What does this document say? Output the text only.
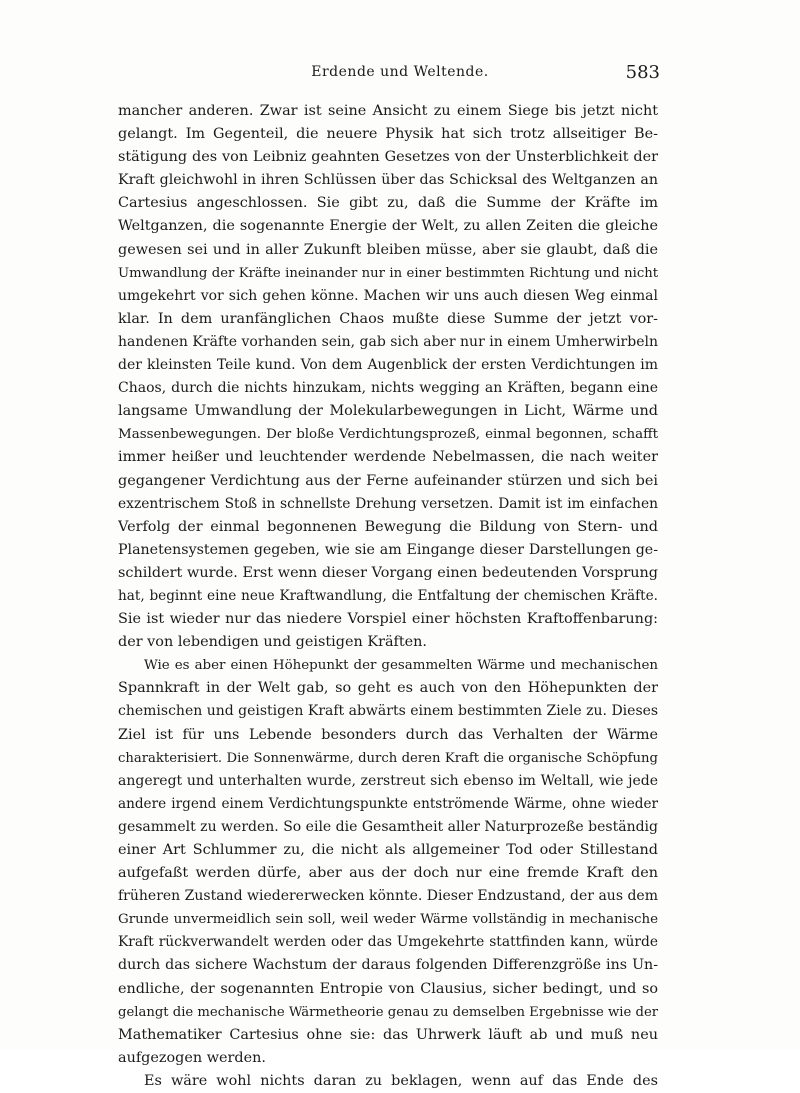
Erdende und Weltende.	583
mancher anderen. Zwar ist seine Ansicht zu einem Siege bis jetzt nicht
gelangt. Im Gegenteil, die neuere Physik hat sich trotz allseitiger Be-
stätigung des von Leibniz geahnten Gesetzes von der Unsterblichkeit der
Kraft gleichwohl in ihren Schlüssen über das Schicksal des Weltganzen an
Cartesius angeschlossen. Sie gibt zu, daß die Summe der Kräfte im
Weltganzen, die sogenannte Energie der Welt, zu allen Zeiten die gleiche
gewesen sei und in aller Zukunft bleiben müsse, aber sie glaubt, daß die
Umwandlung der Kräfte ineinander nur in einer bestimmten Richtung und nicht
umgekehrt vor sich gehen könne. Machen wir uns auch diesen Weg einmal
klar. In dem uranfänglichen Chaos mußte diese Summe der jetzt vor-
handenen Kräfte vorhanden sein, gab sich aber nur in einem Umherwirbeln
der kleinsten Teile kund. Von dem Augenblick der ersten Verdichtungen im
Chaos, durch die nichts hinzukam, nichts wegging an Kräften, begann eine
langsame Umwandlung der Molekularbewegungen in Licht, Wärme und
Massenbewegungen. Der bloße Verdichtungsprozeß, einmal begonnen, schafft
immer heißer und leuchtender werdende Nebelmassen, die nach weiter
gegangener Verdichtung aus der Ferne aufeinander stürzen und sich bei
exzentrischem Stoß in schnellste Drehung versetzen. Damit ist im einfachen
Verfolg der einmal begonnenen Bewegung die Bildung von Stern- und
Planetensystemen gegeben, wie sie am Eingange dieser Darstellungen ge-
schildert wurde. Erst wenn dieser Vorgang einen bedeutenden Vorsprung
hat, beginnt eine neue Kraftwandlung, die Entfaltung der chemischen Kräfte.
Sie ist wieder nur das niedere Vorspiel einer höchsten Kraftoffenbarung:
der von lebendigen und geistigen Kräften.
Wie es aber einen Höhepunkt der gesammelten Wärme und mechanischen
Spannkraft in der Welt gab, so geht es auch von den Höhepunkten der
chemischen und geistigen Kraft abwärts einem bestimmten Ziele zu. Dieses
Ziel ist für uns Lebende besonders durch das Verhalten der Wärme
charakterisiert. Die Sonnenwärme, durch deren Kraft die organische Schöpfung
angeregt und unterhalten wurde, zerstreut sich ebenso im Weltall, wie jede
andere irgend einem Verdichtungspunkte entströmende Wärme, ohne wieder
gesammelt zu werden. So eile die Gesamtheit aller Naturprozeße beständig
einer Art Schlummer zu, die nicht als allgemeiner Tod oder Stillestand
aufgefaßt werden dürfe, aber aus der doch nur eine fremde Kraft den
früheren Zustand wiedererwecken könnte. Dieser Endzustand, der aus dem
Grunde unvermeidlich sein soll, weil weder Wärme vollständig in mechanische
Kraft rückverwandelt werden oder das Umgekehrte stattfinden kann, würde
durch das sichere Wachstum der daraus folgenden Differenzgröße ins Un-
endliche, der sogenannten Entropie von Clausius, sicher bedingt, und so
gelangt die mechanische Wärmetheorie genau zu demselben Ergebnisse wie der
Mathematiker Cartesius ohne sie: das Uhrwerk läuft ab und muß neu
aufgezogen werden.
Es wäre wohl nichts daran zu beklagen, wenn auf das Ende des
